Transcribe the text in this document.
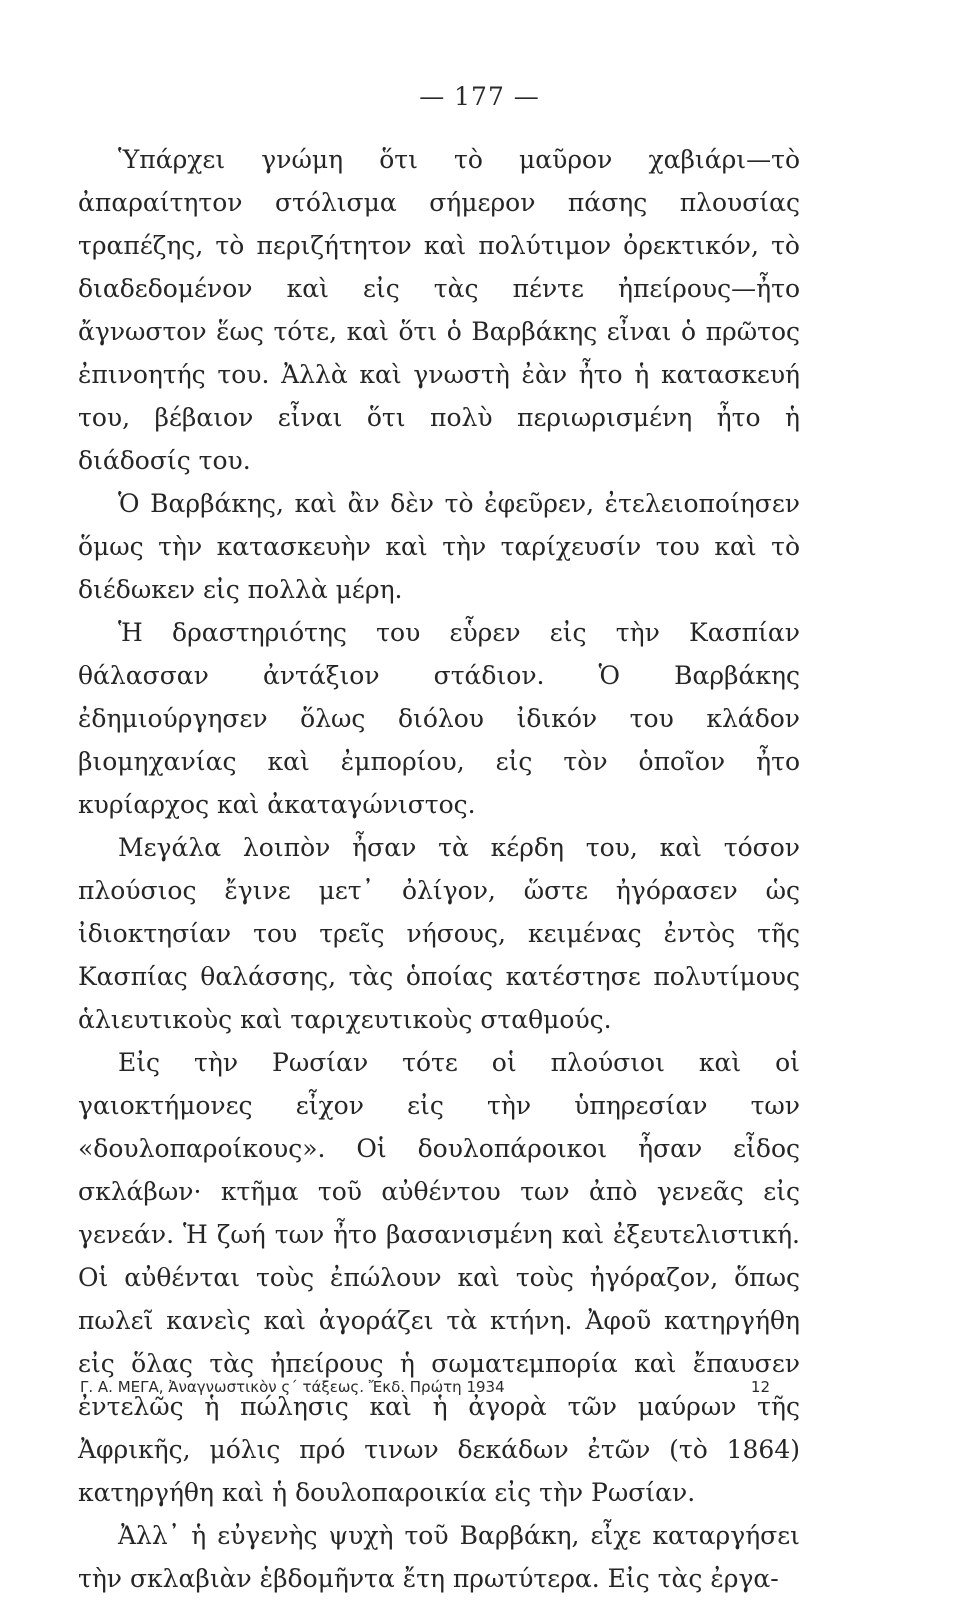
— 177 —

Ὑπάρχει γνώμη ὅτι τὸ μαῦρον χαβιάρι—τὸ ἀπαραίτητον στόλισμα σήμερον πάσης πλουσίας τραπέζης, τὸ περιζήτητον καὶ πολύτιμον ὀρεκτικόν, τὸ διαδεδομένον καὶ εἰς τὰς πέντε ἠπείρους—ἦτο ἄγνωστον ἕως τότε, καὶ ὅτι ὁ Βαρβάκης εἶναι ὁ πρῶτος ἐπινοητής του. Ἀλλὰ καὶ γνωστὴ ἐὰν ἦτο ἡ κατασκευή του, βέβαιον εἶναι ὅτι πολὺ περιωρισμένη ἦτο ἡ διάδοσίς του.

Ὁ Βαρβάκης, καὶ ἂν δὲν τὸ ἐφεῦρεν, ἐτελειοποίησεν ὅμως τὴν κατασκευὴν καὶ τὴν ταρίχευσίν του καὶ τὸ διέδωκεν εἰς πολλὰ μέρη.

Ἡ δραστηριότης του εὗρεν εἰς τὴν Κασπίαν θάλασσαν ἀντάξιον στάδιον. Ὁ Βαρβάκης ἐδημιούργησεν ὅλως διόλου ἰδικόν του κλάδον βιομηχανίας καὶ ἐμπορίου, εἰς τὸν ὁποῖον ἦτο κυρίαρχος καὶ ἀκαταγώνιστος.

Μεγάλα λοιπὸν ἦσαν τὰ κέρδη του, καὶ τόσον πλούσιος ἔγινε μετ᾽ ὀλίγον, ὥστε ἠγόρασεν ὡς ἰδιοκτησίαν του τρεῖς νήσους, κειμένας ἐντὸς τῆς Κασπίας θαλάσσης, τὰς ὁποίας κατέστησε πολυτίμους ἁλιευτικοὺς καὶ ταριχευτικοὺς σταθμούς.

Εἰς τὴν Ρωσίαν τότε οἱ πλούσιοι καὶ οἱ γαιοκτήμονες εἶχον εἰς τὴν ὑπηρεσίαν των «δουλοπαροίκους». Οἱ δουλοπάροικοι ἦσαν εἶδος σκλάβων· κτῆμα τοῦ αὐθέντου των ἀπὸ γενεᾶς εἰς γενεάν. Ἡ ζωή των ἦτο βασανισμένη καὶ ἐξευτελιστική. Οἱ αὐθένται τοὺς ἐπώλουν καὶ τοὺς ἠγόραζον, ὅπως πωλεῖ κανεὶς καὶ ἀγοράζει τὰ κτήνη. Ἀφοῦ κατηργήθη εἰς ὅλας τὰς ἠπείρους ἡ σωματεμπορία καὶ ἔπαυσεν ἐντελῶς ἡ πώλησις καὶ ἡ ἀγορὰ τῶν μαύρων τῆς Ἀφρικῆς, μόλις πρό τινων δεκάδων ἐτῶν (τὸ 1864) κατηργήθη καὶ ἡ δουλοπαροικία εἰς τὴν Ρωσίαν.

Ἀλλ᾽ ἡ εὐγενὴς ψυχὴ τοῦ Βαρβάκη, εἶχε καταργήσει τὴν σκλαβιὰν ἑβδομῆντα ἔτη πρωτύτερα. Εἰς τὰς ἐργα-

Γ. Α. ΜΕΓΑ, Ἀναγνωστικὸν ς΄ τάξεως. Ἔκδ. Πρώτη 1934	12
